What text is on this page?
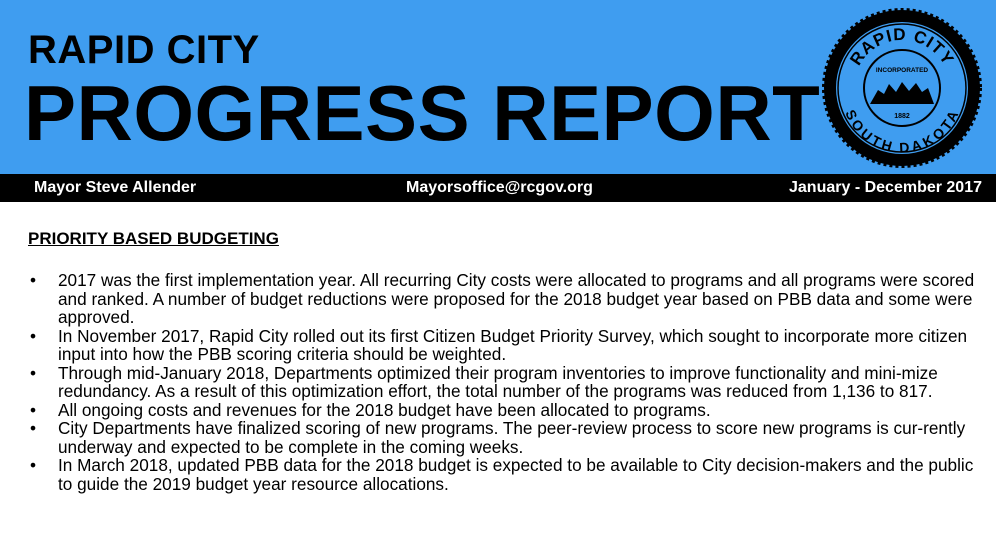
RAPID CITY
PROGRESS REPORT
RAPID CITY
SOUTH DAKOTA
INCORPORATED
1882
Mayor Steve Allender	Mayorsoffice@rcgov.org	January - December 2017
PRIORITY BASED BUDGETING
• 2017 was the first implementation year. All recurring City costs were allocated to programs and all programs were scored and ranked. A number of budget reductions were proposed for the 2018 budget year based on PBB data and some were approved.
• In November 2017, Rapid City rolled out its first Citizen Budget Priority Survey, which sought to incorporate more citizen input into how the PBB scoring criteria should be weighted.
• Through mid-January 2018, Departments optimized their program inventories to improve functionality and mini-mize redundancy. As a result of this optimization effort, the total number of the programs was reduced from 1,136 to 817.
• All ongoing costs and revenues for the 2018 budget have been allocated to programs.
• City Departments have finalized scoring of new programs. The peer-review process to score new programs is cur-rently underway and expected to be complete in the coming weeks.
• In March 2018, updated PBB data for the 2018 budget is expected to be available to City decision-makers and the public to guide the 2019 budget year resource allocations.
